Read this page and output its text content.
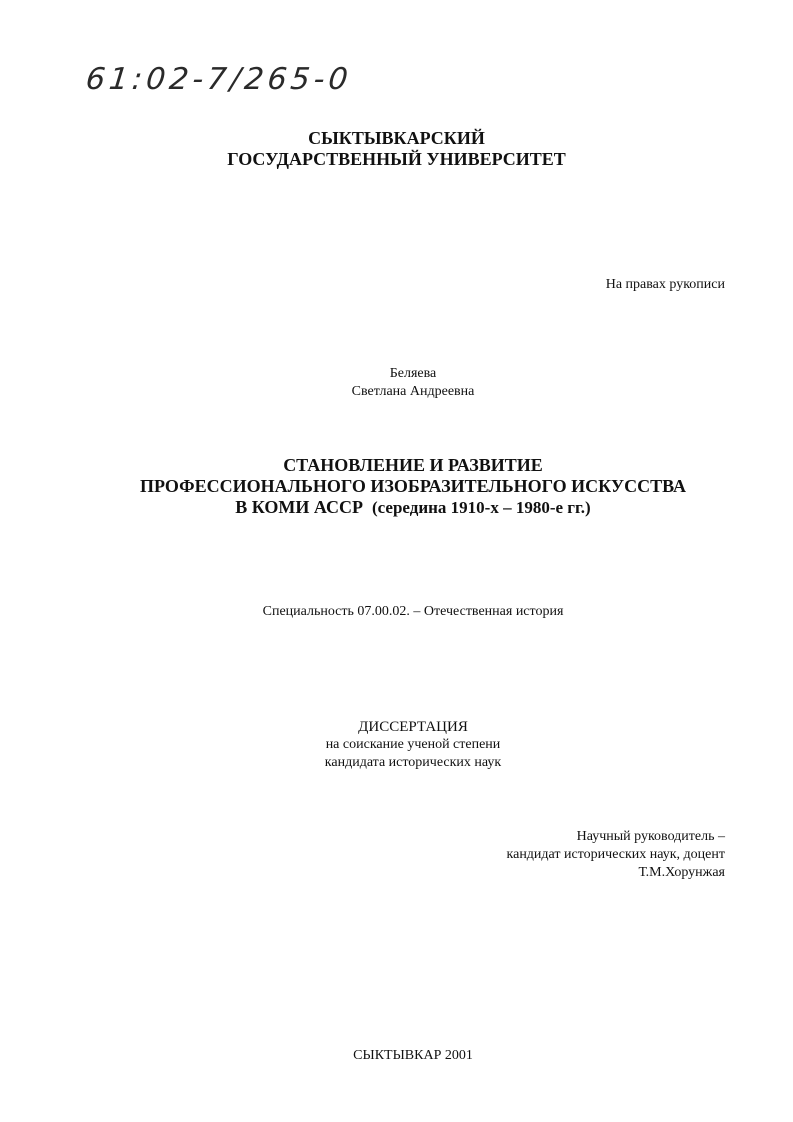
61:02-7/265-0
СЫКТЫВКАРСКИЙ
ГОСУДАРСТВЕННЫЙ УНИВЕРСИТЕТ
На правах рукописи
Беляева
Светлана Андреевна
СТАНОВЛЕНИЕ И РАЗВИТИЕ
ПРОФЕССИОНАЛЬНОГО ИЗОБРАЗИТЕЛЬНОГО ИСКУССТВА
В КОМИ АССР (середина 1910-х – 1980-е гг.)
Специальность 07.00.02. – Отечественная история
ДИССЕРТАЦИЯ
на соискание ученой степени
кандидата исторических наук
Научный руководитель –
кандидат исторических наук, доцент
Т.М.Хорунжая
СЫКТЫВКАР 2001
